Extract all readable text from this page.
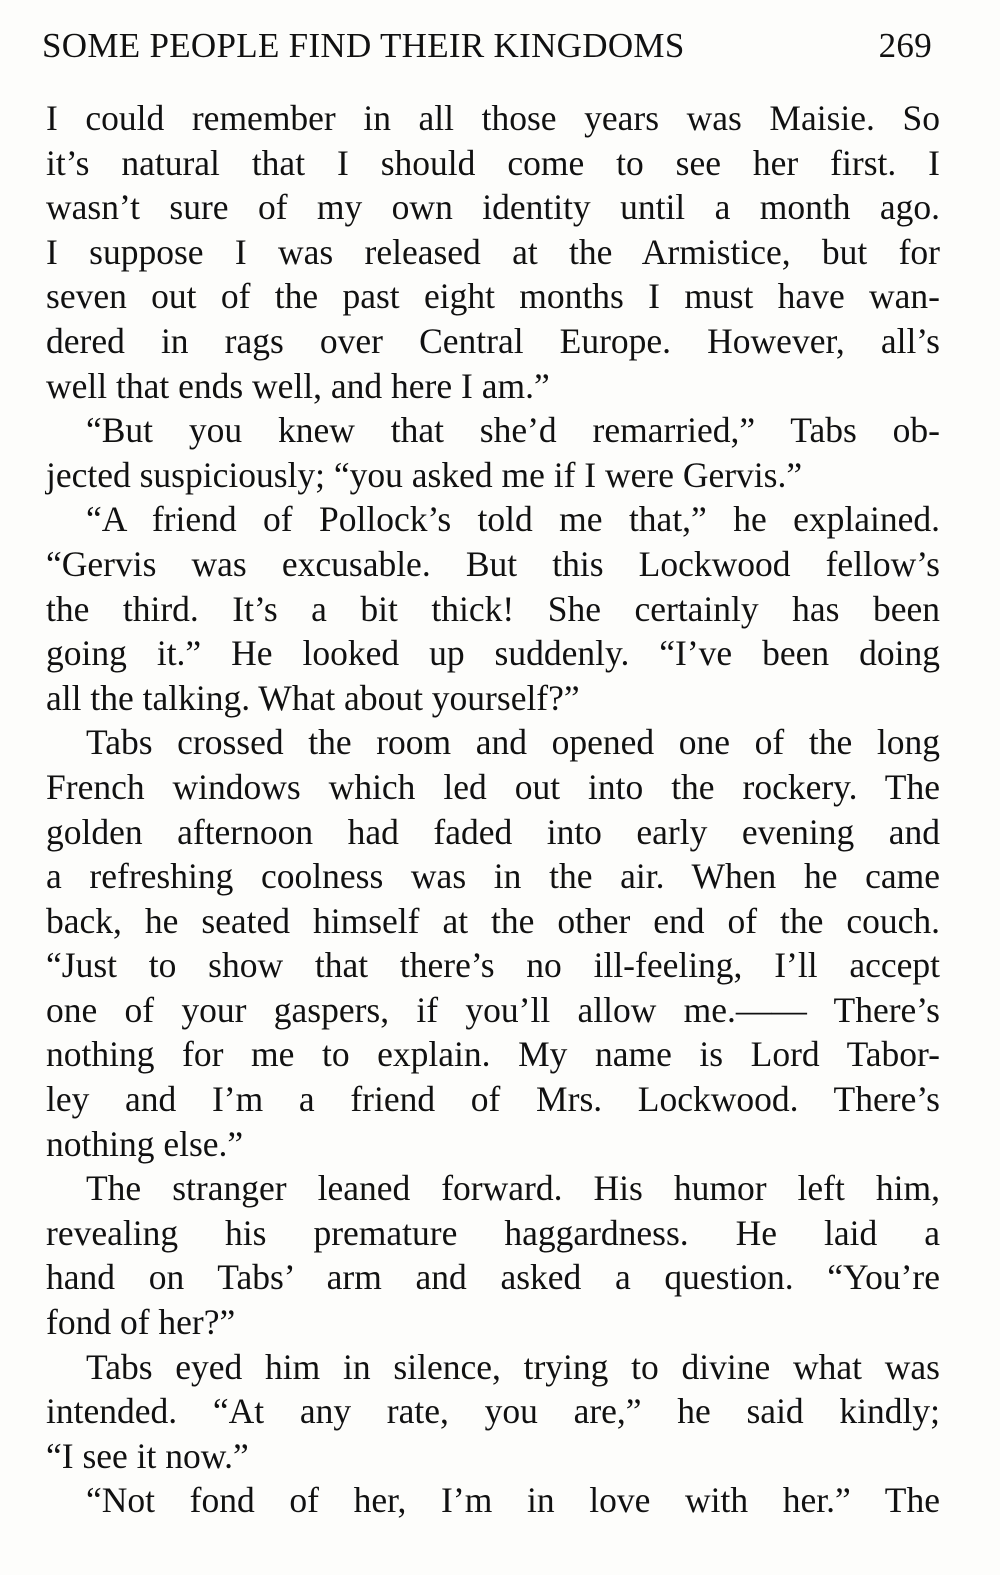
SOME PEOPLE FIND THEIR KINGDOMS	269
I could remember in all those years was Maisie. So
it’s natural that I should come to see her first. I
wasn’t sure of my own identity until a month ago.
I suppose I was released at the Armistice, but for
seven out of the past eight months I must have wan-
dered in rags over Central Europe. However, all’s
well that ends well, and here I am.”
“But you knew that she’d remarried,” Tabs ob-
jected suspiciously; “you asked me if I were Gervis.”
“A friend of Pollock’s told me that,” he explained.
“Gervis was excusable. But this Lockwood fellow’s
the third. It’s a bit thick! She certainly has been
going it.” He looked up suddenly. “I’ve been doing
all the talking. What about yourself?”
Tabs crossed the room and opened one of the long
French windows which led out into the rockery. The
golden afternoon had faded into early evening and
a refreshing coolness was in the air. When he came
back, he seated himself at the other end of the couch.
“Just to show that there’s no ill-feeling, I’ll accept
one of your gaspers, if you’ll allow me.—— There’s
nothing for me to explain. My name is Lord Tabor-
ley and I’m a friend of Mrs. Lockwood. There’s
nothing else.”
The stranger leaned forward. His humor left him,
revealing his premature haggardness. He laid a
hand on Tabs’ arm and asked a question. “You’re
fond of her?”
Tabs eyed him in silence, trying to divine what was
intended. “At any rate, you are,” he said kindly;
“I see it now.”
“Not fond of her, I’m in love with her.” The
